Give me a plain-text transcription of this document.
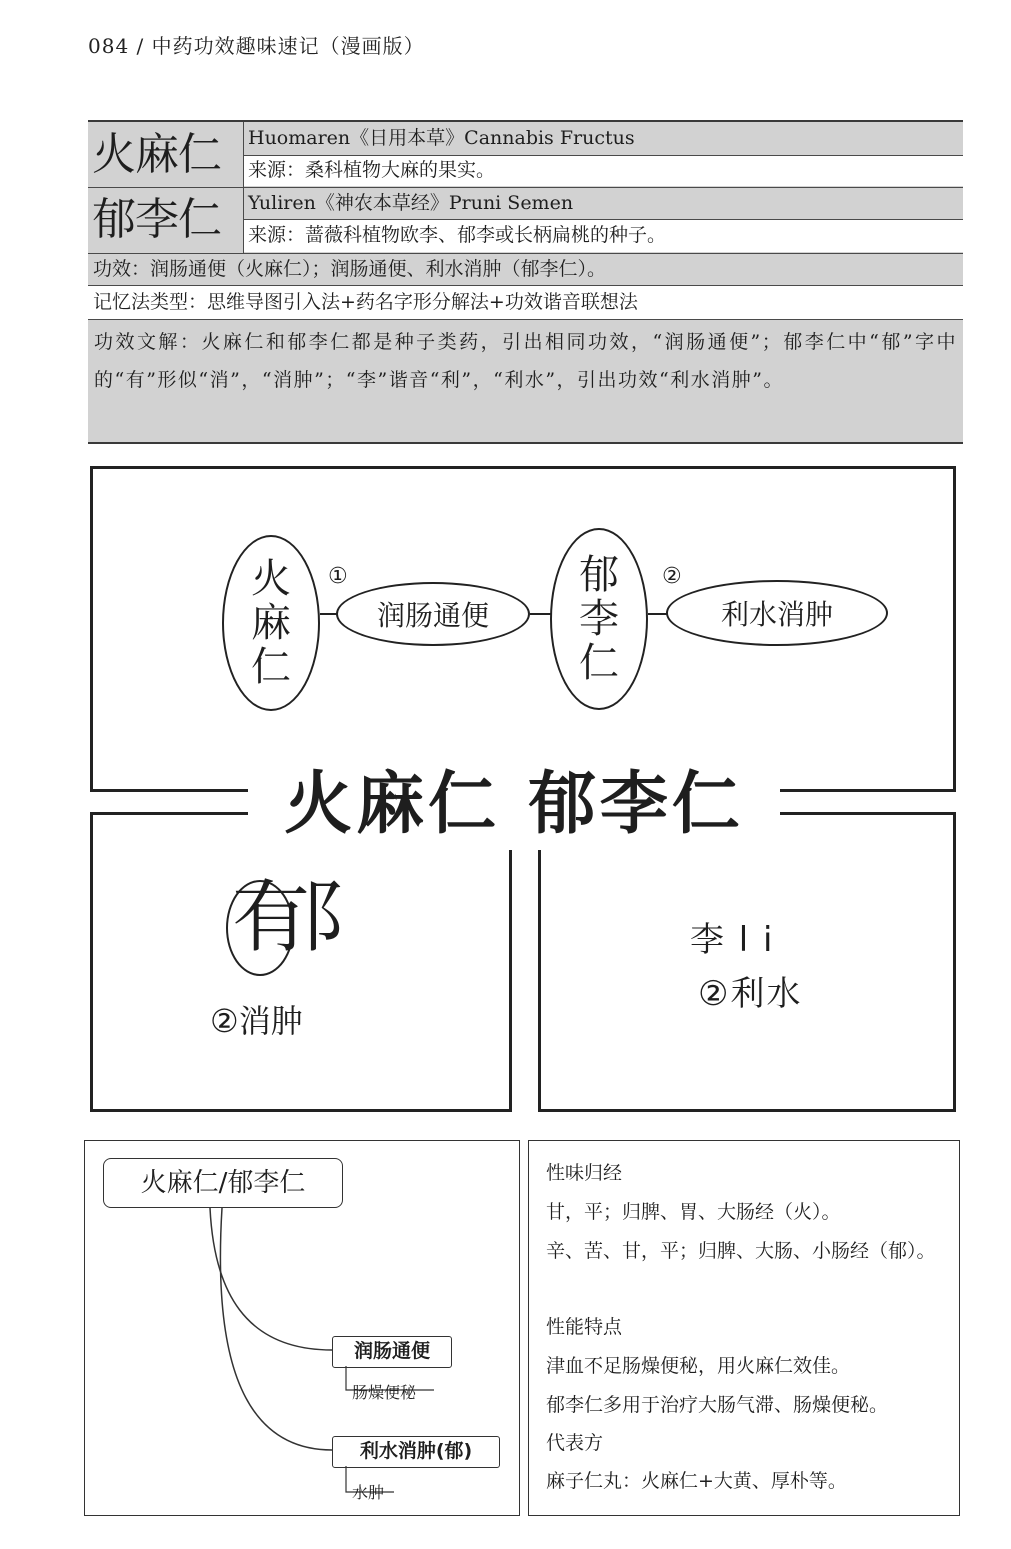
084 / 中药功效趣味速记（漫画版）
火麻仁
郁李仁
Huomaren《日用本草》Cannabis Fructus
来源：桑科植物大麻的果实。
Yuliren《神农本草经》Pruni Semen
来源：蔷薇科植物欧李、郁李或长柄扁桃的种子。
功效：润肠通便（火麻仁）；润肠通便、利水消肿（郁李仁）。
记忆法类型：思维导图引入法+药名字形分解法+功效谐音联想法
功效文解：火麻仁和郁李仁都是种子类药，引出相同功效，“润肠通便”；郁李仁中“郁”字中的“有”形似“消”，“消肿”；“李”谐音“利”，“利水”，引出功效“利水消肿”。
火麻仁
①
润肠通便
郁李仁
②
利水消肿
火麻仁 郁李仁
有
阝
②消肿
李 l i
②利水
火麻仁/郁李仁
润肠通便
肠燥便秘
利水消肿(郁)
水肿
性味归经
甘，平；归脾、胃、大肠经（火）。
辛、苦、甘，平；归脾、大肠、小肠经（郁）。
性能特点
津血不足肠燥便秘，用火麻仁效佳。
郁李仁多用于治疗大肠气滞、肠燥便秘。
代表方
麻子仁丸：火麻仁+大黄、厚朴等。
